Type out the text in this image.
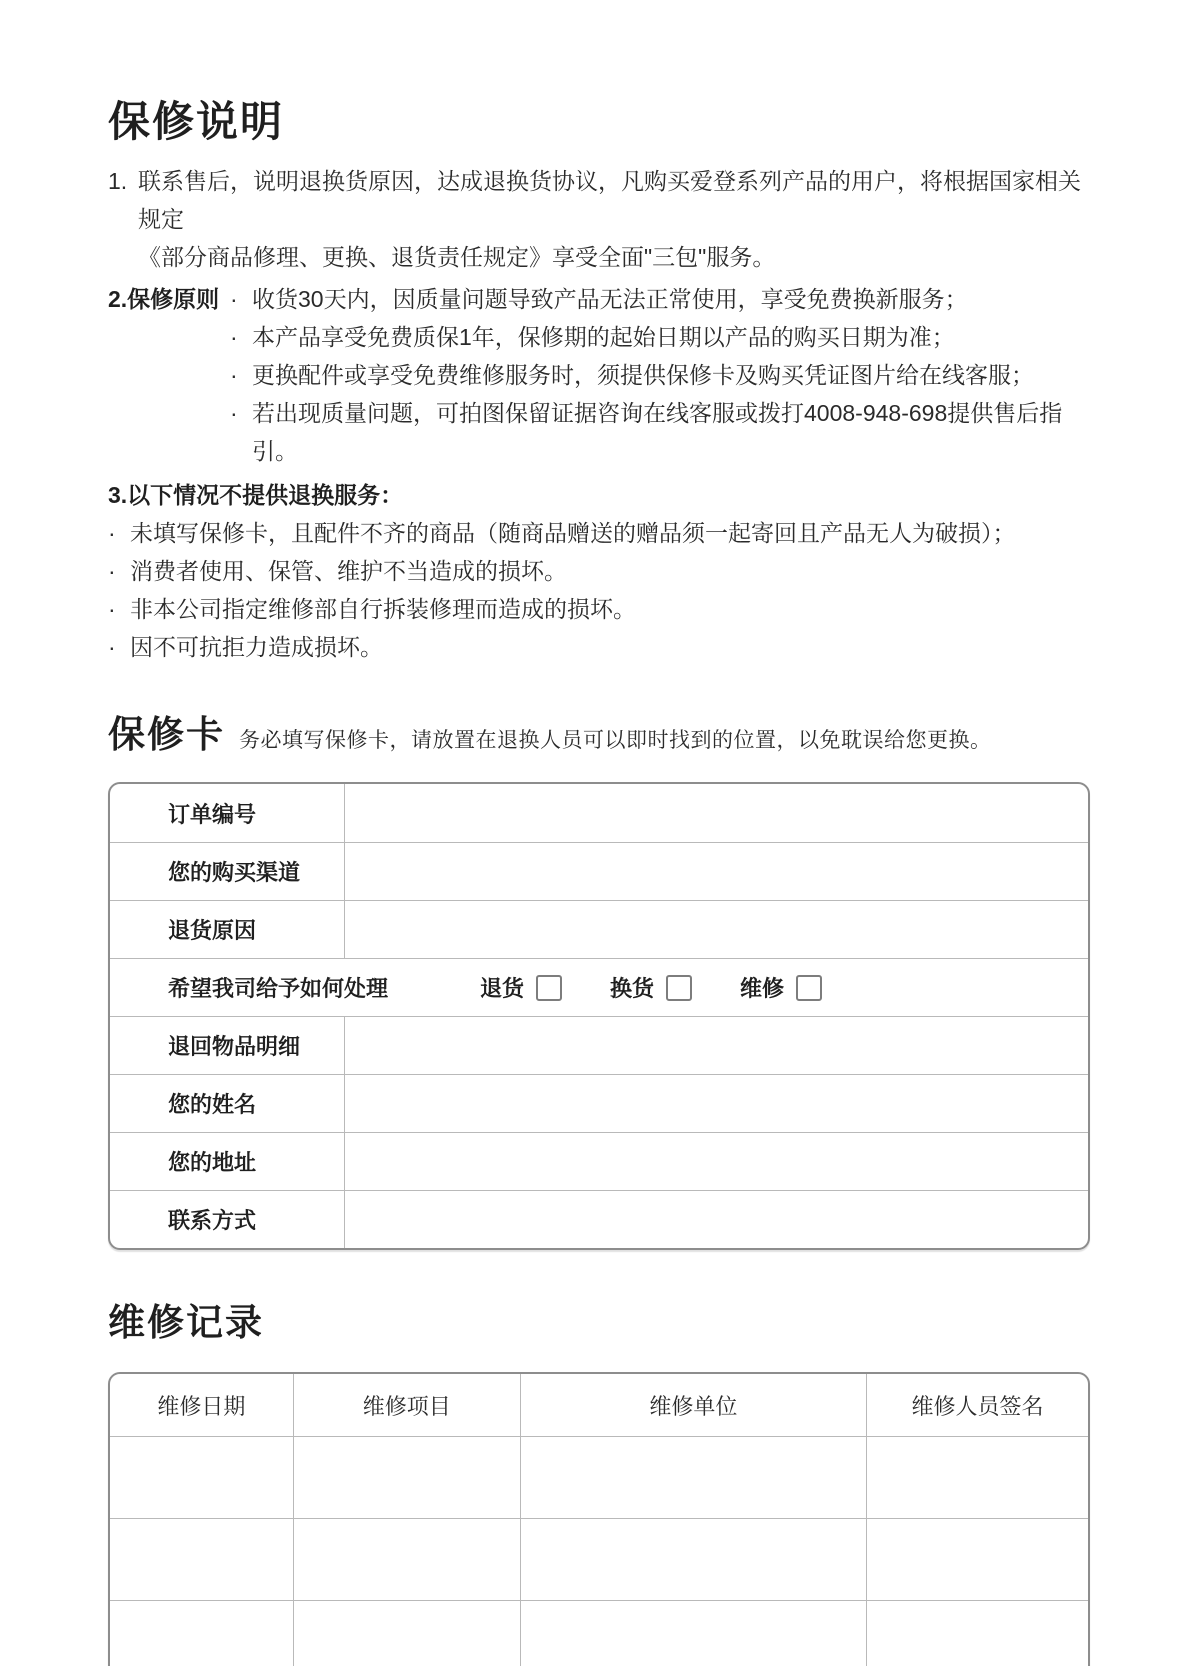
保修说明
1. 联系售后，说明退换货原因，达成退换货协议，凡购买爱登系列产品的用户，将根据国家相关规定
《部分商品修理、更换、退货责任规定》享受全面"三包"服务。
2.保修原则 · 收货30天内，因质量问题导致产品无法正常使用，享受免费换新服务；
· 本产品享受免费质保1年，保修期的起始日期以产品的购买日期为准；
· 更换配件或享受免费维修服务时，须提供保修卡及购买凭证图片给在线客服；
· 若出现质量问题，可拍图保留证据咨询在线客服或拨打4008-948-698提供售后指引。
3.以下情况不提供退换服务：
· 未填写保修卡，且配件不齐的商品（随商品赠送的赠品须一起寄回且产品无人为破损）；
· 消费者使用、保管、维护不当造成的损坏。
· 非本公司指定维修部自行拆装修理而造成的损坏。
· 因不可抗拒力造成损坏。
保修卡 务必填写保修卡，请放置在退换人员可以即时找到的位置，以免耽误给您更换。
订单编号
您的购买渠道
退货原因
希望我司给予如何处理	退货	换货	维修
退回物品明细
您的姓名
您的地址
联系方式
维修记录
维修日期	维修项目	维修单位	维修人员签名
